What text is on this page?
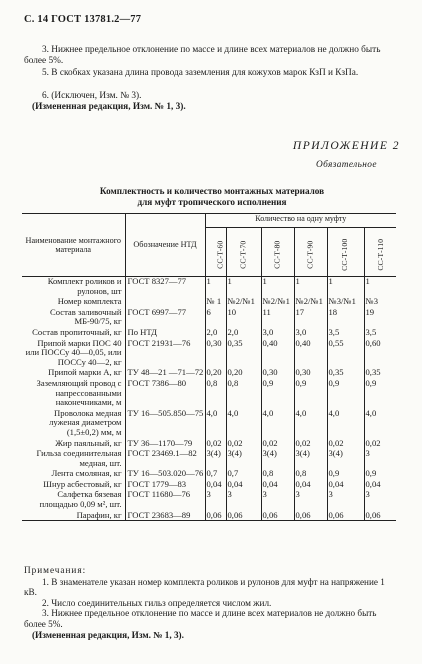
С. 14 ГОСТ 13781.2—77
3. Нижнее предельное отклонение по массе и длине всех материалов не должно быть более 5%.
5. В скобках указана длина провода заземления для кожухов марок КзП и КзПа.
6. (Исключен, Изм. № 3).
(Измененная редакция, Изм. № 1, 3).
ПРИЛОЖЕНИЕ 2
Обязательное
Комплектность и количество монтажных материалов
для муфт тропического исполнения
Наименование монтажного материала	Обозначение НТД	Количество на одну муфту					
		СС-Т-60	СС-Т-70	СС-Т-80	СС-Т-90	СС-Т-100	СС-Т-110
Комплект роликов и рулонов, шт	ГОСТ 8327—77	1	1	1	1	1	1
Номер комплекта		№ 1	№2/№1	№2/№1	№2/№1	№3/№1	№3
Состав заливочный МБ-90/75, кг	ГОСТ 6997—77	6	10	11	17	18	19
Состав пропиточный, кг	По НТД	2,0	2,0	3,0	3,0	3,5	3,5
Припой марки ПОС 40 или ПОССу 40—0,05, или ПОССу 40—2, кг	ГОСТ 21931—76	0,30	0,35	0,40	0,40	0,55	0,60
Припой марки А, кг	ТУ 48—21 —71—72	0,20	0,20	0,30	0,30	0,35	0,35
Заземляющий провод с напрессованными наконечниками, м	ГОСТ 7386—80	0,8	0,8	0,9	0,9	0,9	0,9
Проволока медная луженая диаметром (1,5±0,2) мм, м	ТУ 16—505.850—75	4,0	4,0	4,0	4,0	4,0	4,0
Жир паяльный, кг	ТУ 36—1170—79	0,02	0,02	0,02	0,02	0,02	0,02
Гильза соединительная медная, шт.	ГОСТ 23469.1—82	3(4)	3(4)	3(4)	3(4)	3(4)	3
Лента смоляная, кг	ТУ 16—503.020—76	0,7	0,7	0,8	0,8	0,9	0,9
Шнур асбестовый, кг	ГОСТ 1779—83	0,04	0,04	0,04	0,04	0,04	0,04
Салфетка бязевая площадью 0,09 м², шт.	ГОСТ 11680—76	3	3	3	3	3	3
Парафин, кг	ГОСТ 23683—89	0,06	0,06	0,06	0,06	0,06	0,06
Примечания:
1. В знаменателе указан номер комплекта роликов и рулонов для муфт на напряжение 1 кВ.
2. Число соединительных гильз определяется числом жил.
3. Нижнее предельное отклонение по массе и длине всех материалов не должно быть более 5%.
(Измененная редакция, Изм. № 1, 3).
